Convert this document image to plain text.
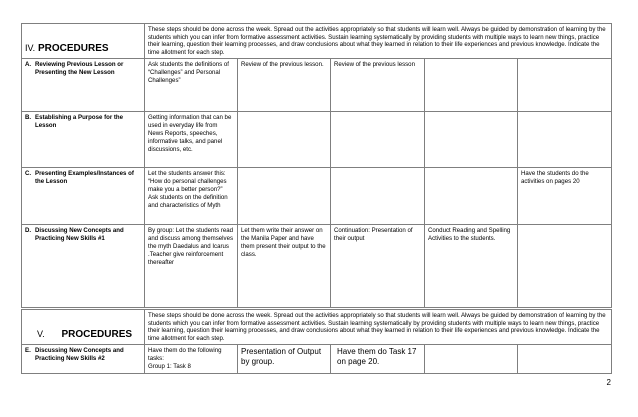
IV. PROCEDURES	These steps should be done across the week. Spread out the activities appropriately so that students will learn well. Always be guided by demonstration of learning by the students which you can infer from formative assessment activities. Sustain learning systematically by providing students with multiple ways to learn new things, practice their learning, question their learning processes, and draw conclusions about what they learned in relation to their life experiences and previous knowledge. Indicate the time allotment for each step.				
A. Reviewing Previous Lesson or
Presenting the New Lesson	Ask students the definitions of “Challenges” and Personal Challenges”	Review of the previous lesson.	Review of the previous lesson		
B. Establishing a Purpose for the
Lesson	Getting information that can be used in everyday life from News Reports, speeches, informative talks, and panel discussions, etc.				
C. Presenting Examples/Instances of
the Lesson	Let the students answer this: “How do personal challenges make you a better person?” Ask students on the definition and characteristics of Myth				Have the students do the activities on pages 20
D. Discussing New Concepts and
Practicing New Skills #1	By group: Let the students read and discuss among themselves the myth Daedalus and Icarus .Teacher give reinforcement thereafter	Let them write their answer on the Manila Paper and have them present their output to the class.	Continuation: Presentation of their output	Conduct Reading and Spelling Activities to the students.	
V. PROCEDURES	These steps should be done across the week. Spread out the activities appropriately so that students will learn well. Always be guided by demonstration of learning by the students which you can infer from formative assessment activities. Sustain learning systematically by providing students with multiple ways to learn new things, practice their learning, question their learning processes, and draw conclusions about what they learned in relation to their life experiences and previous knowledge. Indicate the time allotment for each step.				
E. Discussing New Concepts and
Practicing New Skills #2	Have them do the following tasks:
Group 1: Task 8	Presentation of Output by group.	Have them do Task 17 on page 20.		
2
